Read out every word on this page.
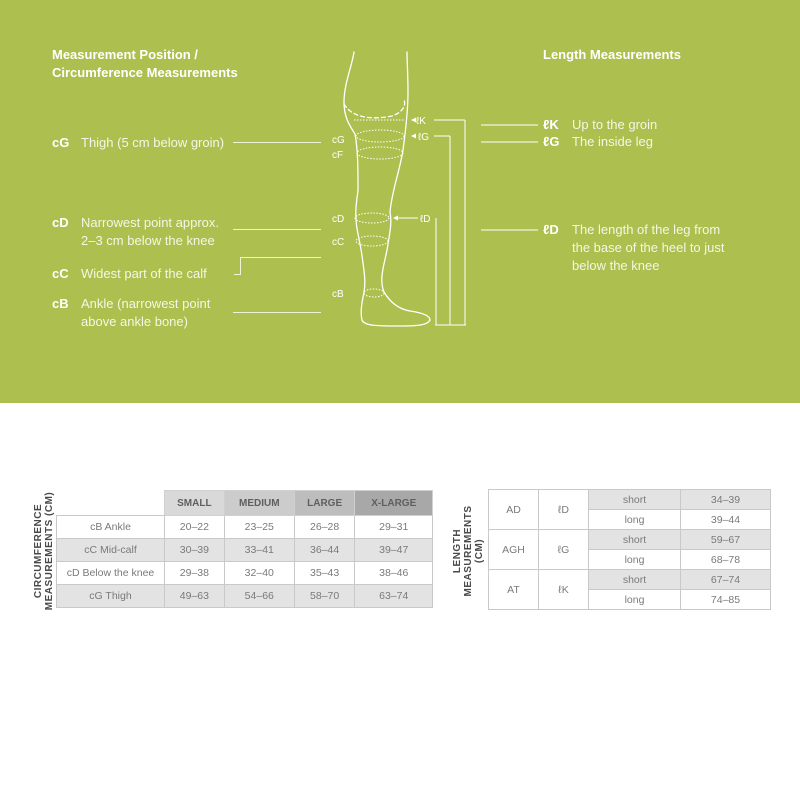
Measurement Position /
Circumference Measurements
cG Thigh (5 cm below groin)
cD Narrowest point approx.
2–3 cm below the knee
cC Widest part of the calf
cB Ankle (narrowest point
above ankle bone)
ℓK
ℓG
ℓD
cG
cF
cD
cC
cB
Length Measurements
ℓK Up to the groin
ℓG The inside leg
ℓD The length of the leg from
the base of the heel to just
below the knee
CIRCUMFERENCE MEASUREMENTS (CM)
		SMALL	MEDIUM	LARGE	X-LARGE
cB Ankle	20–22	23–25	26–28	29–31
cC Mid-calf	30–39	33–41	36–44	39–47
cD Below the knee	29–38	32–40	35–43	38–46
cG Thigh	49–63	54–66	58–70	63–74
LENGTH MEASUREMENTS (CM)
AD	ℓD	short	34–39
		long	39–44
AGH	ℓG	short	59–67
		long	68–78
AT	ℓK	short	67–74
		long	74–85
